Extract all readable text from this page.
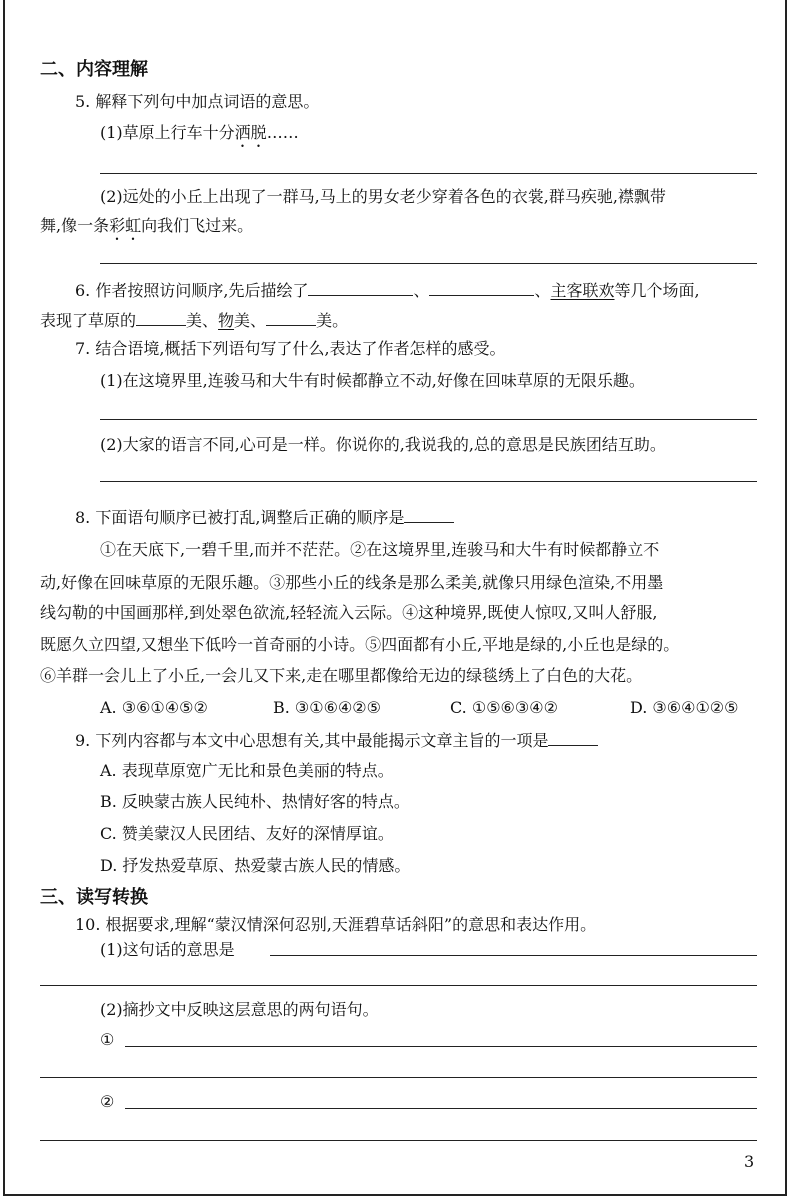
二、内容理解
5. 解释下列句中加点词语的意思。
(1)草原上行车十分洒脱……
(2)远处的小丘上出现了一群马,马上的男女老少穿着各色的衣裳,群马疾驰,襟飘带
舞,像一条彩虹向我们飞过来。
6. 作者按照访问顺序,先后描绘了	、	、主客联欢等几个场面,
表现了草原的	美、物美、	美。
7. 结合语境,概括下列语句写了什么,表达了作者怎样的感受。
(1)在这境界里,连骏马和大牛有时候都静立不动,好像在回味草原的无限乐趣。
(2)大家的语言不同,心可是一样。你说你的,我说我的,总的意思是民族团结互助。
8. 下面语句顺序已被打乱,调整后正确的顺序是
①在天底下,一碧千里,而并不茫茫。②在这境界里,连骏马和大牛有时候都静立不
动,好像在回味草原的无限乐趣。③那些小丘的线条是那么柔美,就像只用绿色渲染,不用墨
线勾勒的中国画那样,到处翠色欲流,轻轻流入云际。④这种境界,既使人惊叹,又叫人舒服,
既愿久立四望,又想坐下低吟一首奇丽的小诗。⑤四面都有小丘,平地是绿的,小丘也是绿的。
⑥羊群一会儿上了小丘,一会儿又下来,走在哪里都像给无边的绿毯绣上了白色的大花。
A. ③⑥①④⑤②	B. ③①⑥④②⑤	C. ①⑤⑥③④②	D. ③⑥④①②⑤
9. 下列内容都与本文中心思想有关,其中最能揭示文章主旨的一项是
A. 表现草原宽广无比和景色美丽的特点。
B. 反映蒙古族人民纯朴、热情好客的特点。
C. 赞美蒙汉人民团结、友好的深情厚谊。
D. 抒发热爱草原、热爱蒙古族人民的情感。
三、读写转换
10. 根据要求,理解“蒙汉情深何忍别,天涯碧草话斜阳”的意思和表达作用。
(1)这句话的意思是
(2)摘抄文中反映这层意思的两句语句。
①
②
3
